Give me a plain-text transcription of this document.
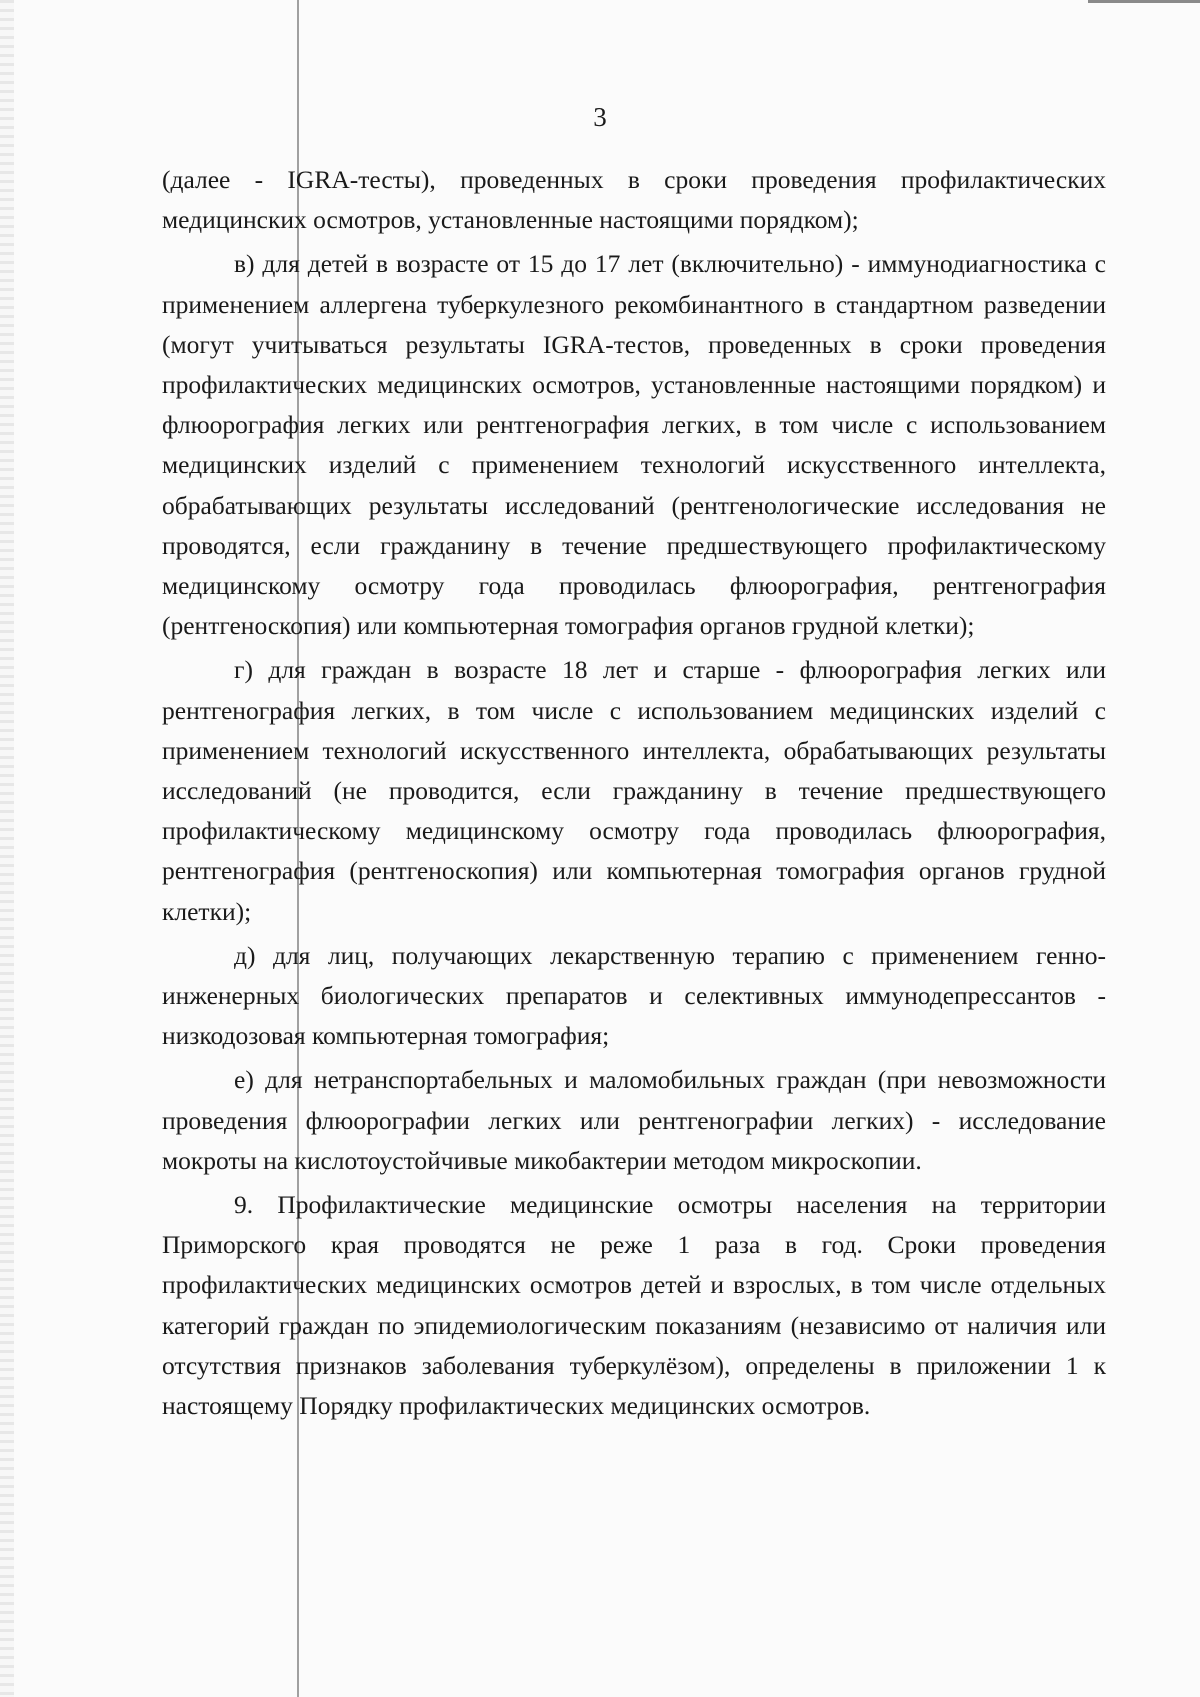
3

(далее - IGRA-тесты), проведенных в сроки проведения профилактических медицинских осмотров, установленные настоящими порядком);

в) для детей в возрасте от 15 до 17 лет (включительно) - иммунодиагностика с применением аллергена туберкулезного рекомбинантного в стандартном разведении (могут учитываться результаты IGRA-тестов, проведенных в сроки проведения профилактических медицинских осмотров, установленные настоящими порядком) и флюорография легких или рентгенография легких, в том числе с использованием медицинских изделий с применением технологий искусственного интеллекта, обрабатывающих результаты исследований (рентгенологические исследования не проводятся, если гражданину в течение предшествующего профилактическому медицинскому осмотру года проводилась флюорография, рентгенография (рентгеноскопия) или компьютерная томография органов грудной клетки);

г) для граждан в возрасте 18 лет и старше - флюорография легких или рентгенография легких, в том числе с использованием медицинских изделий с применением технологий искусственного интеллекта, обрабатывающих результаты исследований (не проводится, если гражданину в течение предшествующего профилактическому медицинскому осмотру года проводилась флюорография, рентгенография (рентгеноскопия) или компьютерная томография органов грудной клетки);

д) для лиц, получающих лекарственную терапию с применением генно-инженерных биологических препаратов и селективных иммунодепрессантов - низкодозовая компьютерная томография;

е) для нетранспортабельных и маломобильных граждан (при невозможности проведения флюорографии легких или рентгенографии легких) - исследование мокроты на кислотоустойчивые микобактерии методом микроскопии.

9. Профилактические медицинские осмотры населения на территории Приморского края проводятся не реже 1 раза в год. Сроки проведения профилактических медицинских осмотров детей и взрослых, в том числе отдельных категорий граждан по эпидемиологическим показаниям (независимо от наличия или отсутствия признаков заболевания туберкулёзом), определены в приложении 1 к настоящему Порядку профилактических медицинских осмотров.
